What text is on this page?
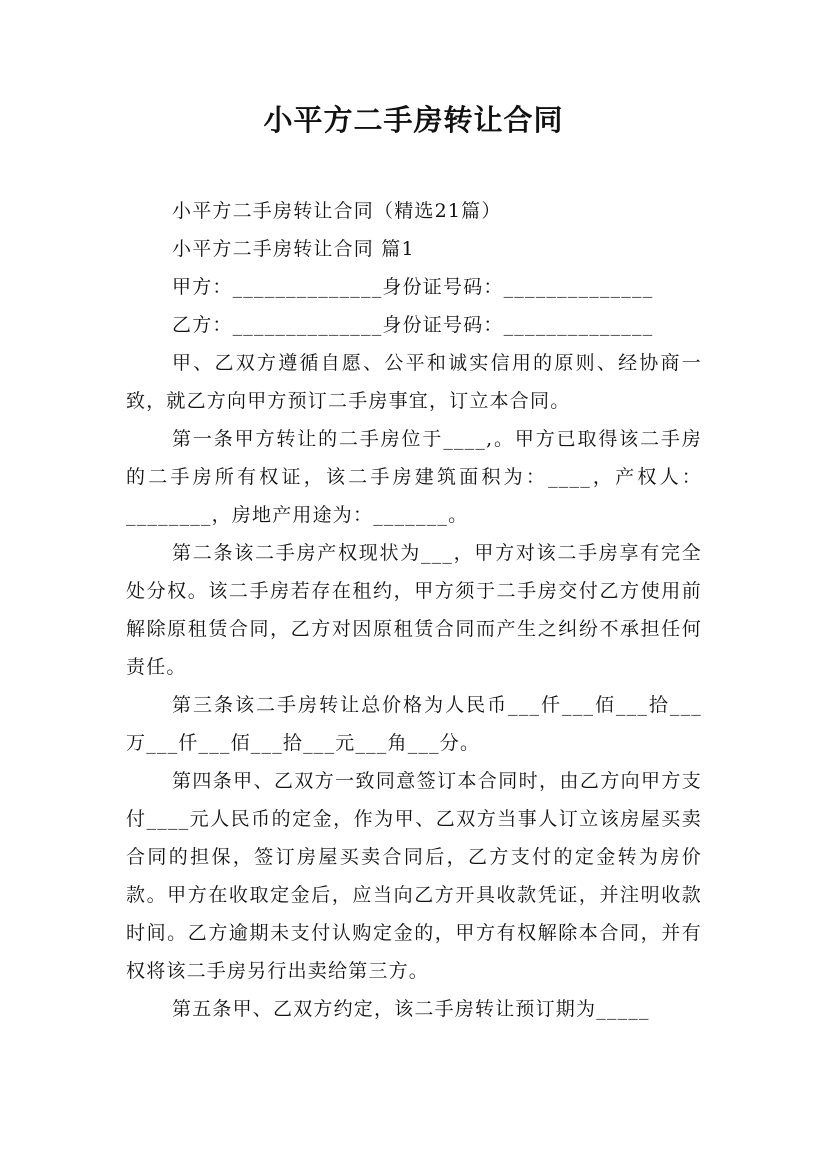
小平方二手房转让合同

小平方二手房转让合同（精选21篇）

小平方二手房转让合同 篇1

甲方：______________身份证号码：______________

乙方：______________身份证号码：______________

甲、乙双方遵循自愿、公平和诚实信用的原则、经协商一致，就乙方向甲方预订二手房事宜，订立本合同。

第一条甲方转让的二手房位于____,。甲方已取得该二手房的二手房所有权证，该二手房建筑面积为：____，产权人：________，房地产用途为：_______。

第二条该二手房产权现状为___，甲方对该二手房享有完全处分权。该二手房若存在租约，甲方须于二手房交付乙方使用前解除原租赁合同，乙方对因原租赁合同而产生之纠纷不承担任何责任。

第三条该二手房转让总价格为人民币___仟___佰___拾___万___仟___佰___拾___元___角___分。

第四条甲、乙双方一致同意签订本合同时，由乙方向甲方支付____元人民币的定金，作为甲、乙双方当事人订立该房屋买卖合同的担保，签订房屋买卖合同后，乙方支付的定金转为房价款。甲方在收取定金后，应当向乙方开具收款凭证，并注明收款时间。乙方逾期未支付认购定金的，甲方有权解除本合同，并有权将该二手房另行出卖给第三方。

第五条甲、乙双方约定，该二手房转让预订期为_____
